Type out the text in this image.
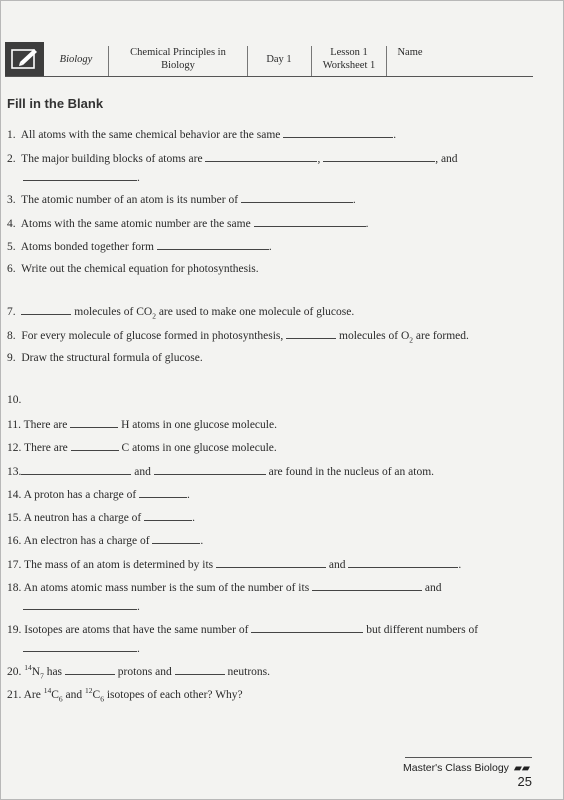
Biology
Chemical Principles in
Biology
Day 1
Lesson 1
Worksheet 1
Name
Fill in the Blank
1. All atoms with the same chemical behavior are the same	.
2. The major building blocks of atoms are	,	, and
.
3. The atomic number of an atom is its number of	.
4. Atoms with the same atomic number are the same	.
5. Atoms bonded together form	.
6. Write out the chemical equation for photosynthesis.
7.	molecules of $CO_2$ are used to make one molecule of glucose.
8. For every molecule of glucose formed in photosynthesis,	molecules of $O_2$ are formed.
9. Draw the structural formula of glucose.
10.
11. There are	H atoms in one glucose molecule.
12. There are	C atoms in one glucose molecule.
13.	and	are found in the nucleus of an atom.
14. A proton has a charge of	.
15. A neutron has a charge of	.
16. An electron has a charge of	.
17. The mass of an atom is determined by its	and	.
18. An atoms atomic mass number is the sum of the number of its	and
.
19. Isotopes are atoms that have the same number of	but different numbers of
.
20. $^{14}N_7$ has	protons and	neutrons.
21. Are $^{14}C_6$ and $^{12}C_6$ isotopes of each other? Why?
Master's Class Biology ▰▰ 25
